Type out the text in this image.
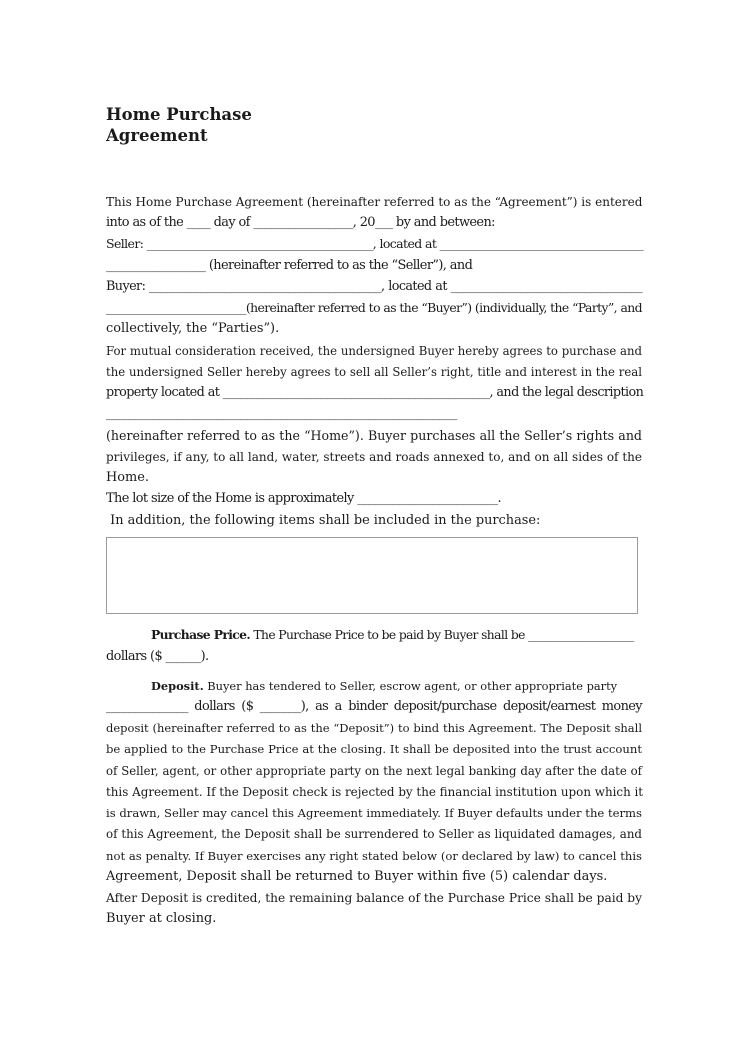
Home Purchase
Agreement
This Home Purchase Agreement (hereinafter referred to as the “Agreement”) is entered
into as of the ____ day of _________________, 20___ by and between:
Seller: ________________________________________, located at ____________________________________
_________________ (hereinafter referred to as the “Seller”), and
Buyer: ________________________________________, located at _________________________________
_________________________(hereinafter referred to as the “Buyer”) (individually, the “Party”, and
collectively, the “Parties”).
For mutual consideration received, the undersigned Buyer hereby agrees to purchase and
the undersigned Seller hereby agrees to sell all Seller’s right, title and interest in the real
property located at ______________________________________________, and the legal description
____________________________________________________________
(hereinafter referred to as the “Home”). Buyer purchases all the Seller’s rights and
privileges, if any, to all land, water, streets and roads annexed to, and on all sides of the
Home.
The lot size of the Home is approximately ________________________.
In addition, the following items shall be included in the purchase:
Purchase Price. The Purchase Price to be paid by Buyer shall be ___________________
dollars ($ ______).
Deposit. Buyer has tendered to Seller, escrow agent, or other appropriate party
______________ dollars ($ _______), as a binder deposit/purchase deposit/earnest money
deposit (hereinafter referred to as the “Deposit”) to bind this Agreement. The Deposit shall
be applied to the Purchase Price at the closing. It shall be deposited into the trust account
of Seller, agent, or other appropriate party on the next legal banking day after the date of
this Agreement. If the Deposit check is rejected by the financial institution upon which it
is drawn, Seller may cancel this Agreement immediately. If Buyer defaults under the terms
of this Agreement, the Deposit shall be surrendered to Seller as liquidated damages, and
not as penalty. If Buyer exercises any right stated below (or declared by law) to cancel this
Agreement, Deposit shall be returned to Buyer within five (5) calendar days.
After Deposit is credited, the remaining balance of the Purchase Price shall be paid by
Buyer at closing.
